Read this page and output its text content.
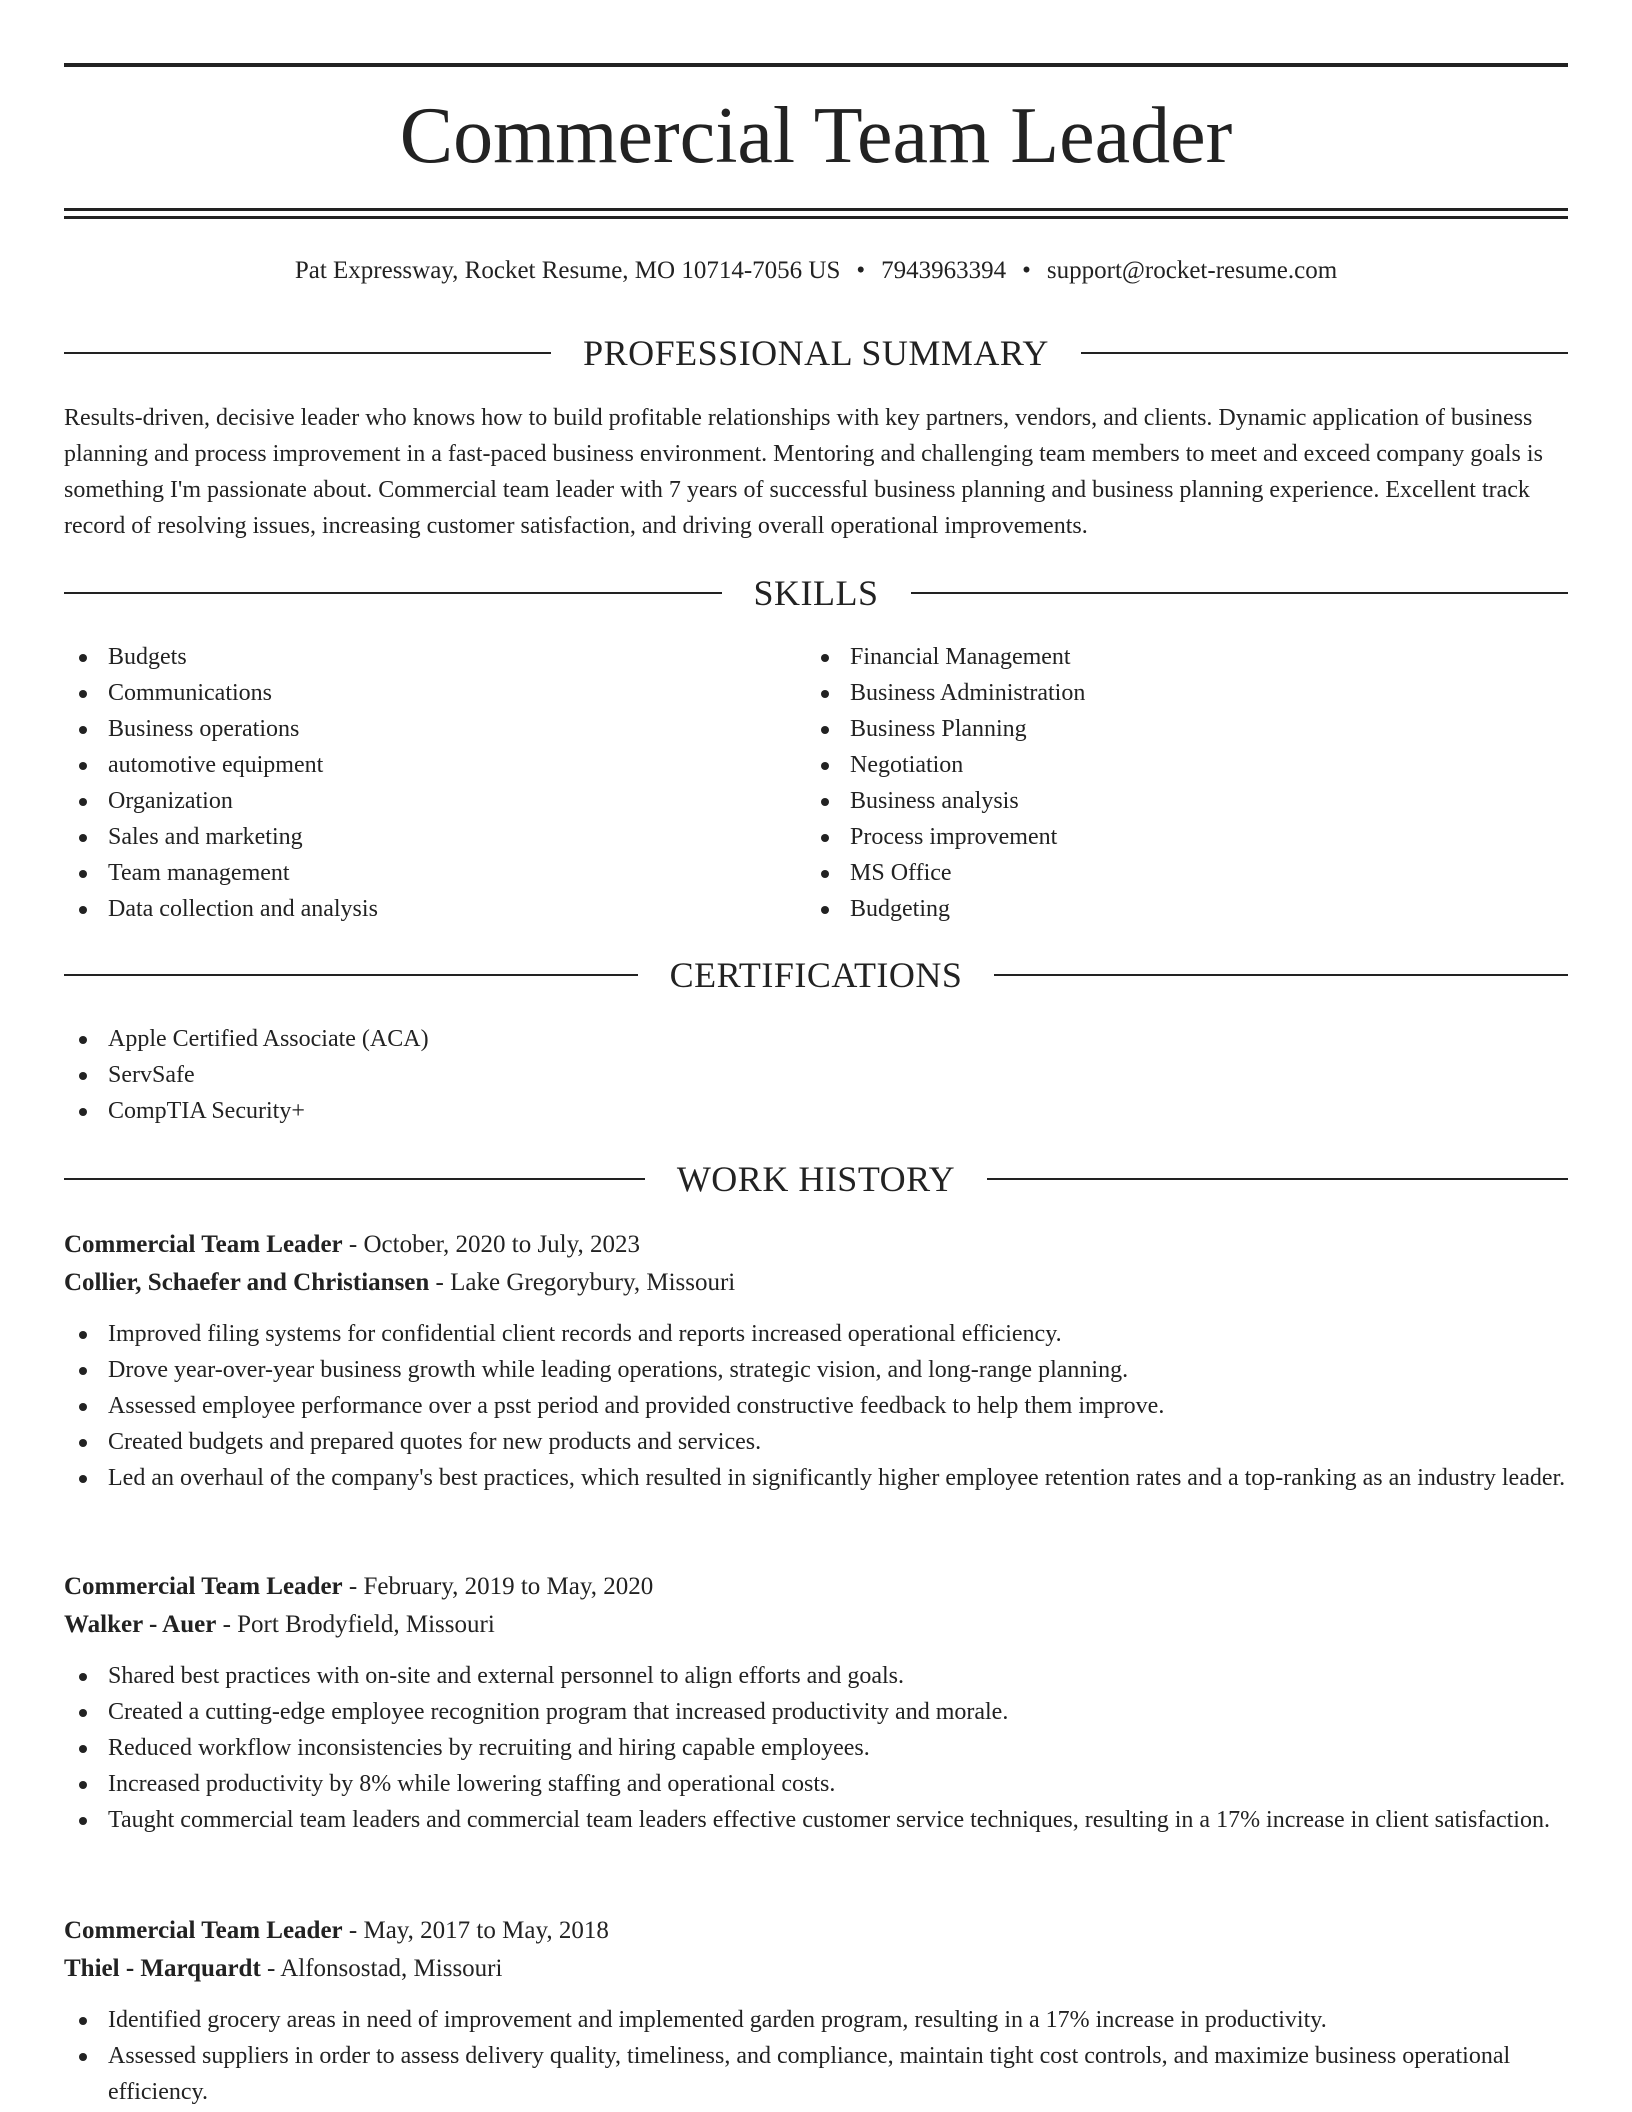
Commercial Team Leader
Pat Expressway, Rocket Resume, MO 10714-7056 US • 7943963394 • support@rocket-resume.com
PROFESSIONAL SUMMARY

Results-driven, decisive leader who knows how to build profitable relationships with key partners, vendors, and clients. Dynamic application of business planning and process improvement in a fast-paced business environment. Mentoring and challenging team members to meet and exceed company goals is something I'm passionate about. Commercial team leader with 7 years of successful business planning and business planning experience. Excellent track record of resolving issues, increasing customer satisfaction, and driving overall operational improvements.

SKILLS
Budgets
Communications
Business operations
automotive equipment
Organization
Sales and marketing
Team management
Data collection and analysis
Financial Management
Business Administration
Business Planning
Negotiation
Business analysis
Process improvement
MS Office
Budgeting
CERTIFICATIONS
Apple Certified Associate (ACA)
ServSafe
CompTIA Security+
WORK HISTORY
Commercial Team Leader - October, 2020 to July, 2023
Collier, Schaefer and Christiansen - Lake Gregorybury, Missouri
Improved filing systems for confidential client records and reports increased operational efficiency.
Drove year-over-year business growth while leading operations, strategic vision, and long-range planning.
Assessed employee performance over a psst period and provided constructive feedback to help them improve.
Created budgets and prepared quotes for new products and services.
Led an overhaul of the company's best practices, which resulted in significantly higher employee retention rates and a top-ranking as an industry leader.
Commercial Team Leader - February, 2019 to May, 2020
Walker - Auer - Port Brodyfield, Missouri
Shared best practices with on-site and external personnel to align efforts and goals.
Created a cutting-edge employee recognition program that increased productivity and morale.
Reduced workflow inconsistencies by recruiting and hiring capable employees.
Increased productivity by 8% while lowering staffing and operational costs.
Taught commercial team leaders and commercial team leaders effective customer service techniques, resulting in a 17% increase in client satisfaction.
Commercial Team Leader - May, 2017 to May, 2018
Thiel - Marquardt - Alfonsostad, Missouri
Identified grocery areas in need of improvement and implemented garden program, resulting in a 17% increase in productivity.
Assessed suppliers in order to assess delivery quality, timeliness, and compliance, maintain tight cost controls, and maximize business operational efficiency.
